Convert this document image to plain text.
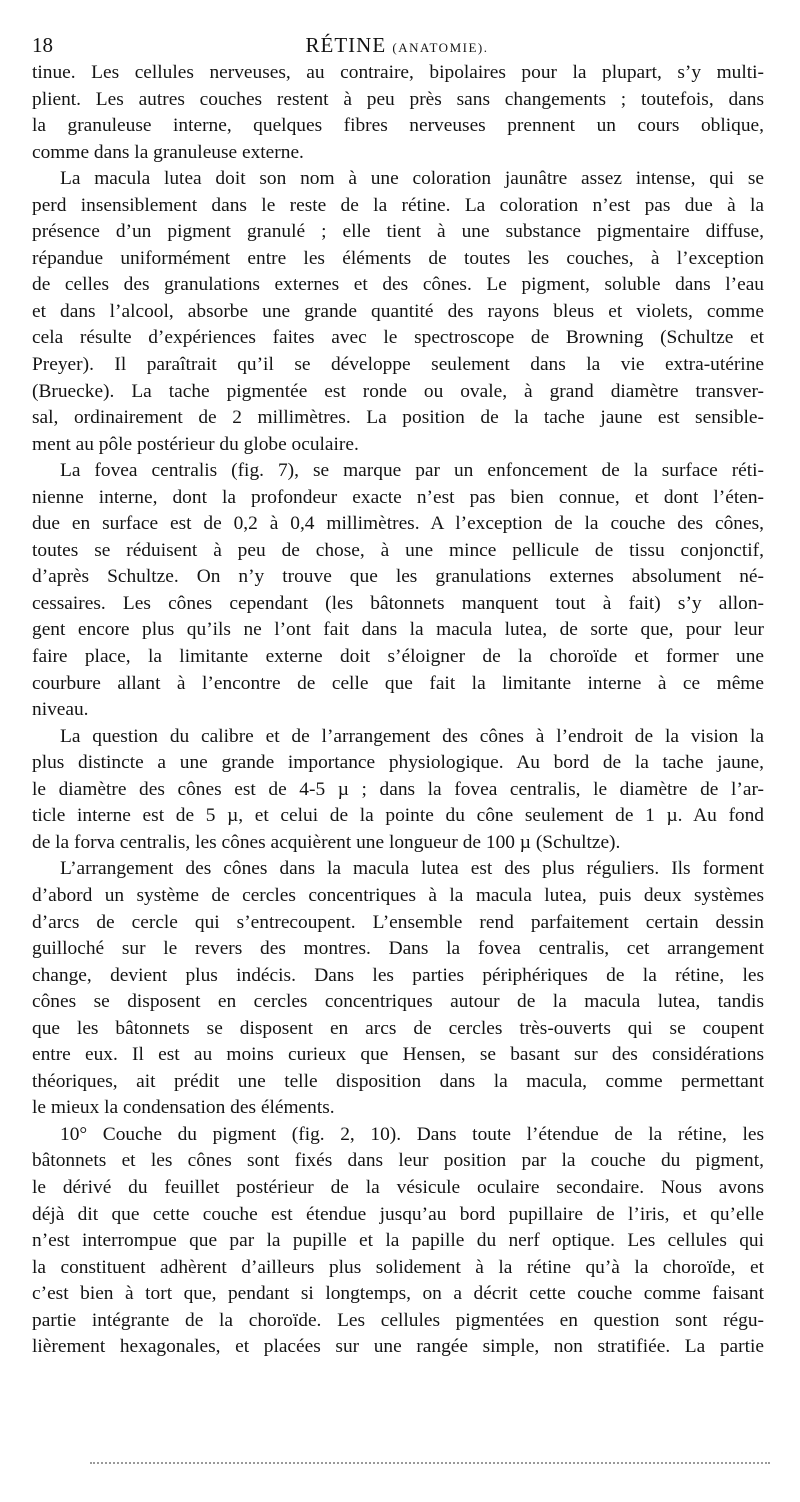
18	RÉTINE (ANATOMIE).
tinue. Les cellules nerveuses, au contraire, bipolaires pour la plupart, s’y multi-
plient. Les autres couches restent à peu près sans changements ; toutefois, dans
la granuleuse interne, quelques fibres nerveuses prennent un cours oblique,
comme dans la granuleuse externe.
La macula lutea doit son nom à une coloration jaunâtre assez intense, qui se
perd insensiblement dans le reste de la rétine. La coloration n’est pas due à la
présence d’un pigment granulé ; elle tient à une substance pigmentaire diffuse,
répandue uniformément entre les éléments de toutes les couches, à l’exception
de celles des granulations externes et des cônes. Le pigment, soluble dans l’eau
et dans l’alcool, absorbe une grande quantité des rayons bleus et violets, comme
cela résulte d’expériences faites avec le spectroscope de Browning (Schultze et
Preyer). Il paraîtrait qu’il se développe seulement dans la vie extra-utérine
(Bruecke). La tache pigmentée est ronde ou ovale, à grand diamètre transver-
sal, ordinairement de 2 millimètres. La position de la tache jaune est sensible-
ment au pôle postérieur du globe oculaire.
La fovea centralis (fig. 7), se marque par un enfoncement de la surface réti-
nienne interne, dont la profondeur exacte n’est pas bien connue, et dont l’éten-
due en surface est de 0,2 à 0,4 millimètres. A l’exception de la couche des cônes,
toutes se réduisent à peu de chose, à une mince pellicule de tissu conjonctif,
d’après Schultze. On n’y trouve que les granulations externes absolument né-
cessaires. Les cônes cependant (les bâtonnets manquent tout à fait) s’y allon-
gent encore plus qu’ils ne l’ont fait dans la macula lutea, de sorte que, pour leur
faire place, la limitante externe doit s’éloigner de la choroïde et former une
courbure allant à l’encontre de celle que fait la limitante interne à ce même
niveau.
La question du calibre et de l’arrangement des cônes à l’endroit de la vision la
plus distincte a une grande importance physiologique. Au bord de la tache jaune,
le diamètre des cônes est de 4-5 µ ; dans la fovea centralis, le diamètre de l’ar-
ticle interne est de 5 µ, et celui de la pointe du cône seulement de 1 µ. Au fond
de la forva centralis, les cônes acquièrent une longueur de 100 µ (Schultze).
L’arrangement des cônes dans la macula lutea est des plus réguliers. Ils forment
d’abord un système de cercles concentriques à la macula lutea, puis deux systèmes
d’arcs de cercle qui s’entrecoupent. L’ensemble rend parfaitement certain dessin
guilloché sur le revers des montres. Dans la fovea centralis, cet arrangement
change, devient plus indécis. Dans les parties périphériques de la rétine, les
cônes se disposent en cercles concentriques autour de la macula lutea, tandis
que les bâtonnets se disposent en arcs de cercles très-ouverts qui se coupent
entre eux. Il est au moins curieux que Hensen, se basant sur des considérations
théoriques, ait prédit une telle disposition dans la macula, comme permettant
le mieux la condensation des éléments.
10° Couche du pigment (fig. 2, 10). Dans toute l’étendue de la rétine, les
bâtonnets et les cônes sont fixés dans leur position par la couche du pigment,
le dérivé du feuillet postérieur de la vésicule oculaire secondaire. Nous avons
déjà dit que cette couche est étendue jusqu’au bord pupillaire de l’iris, et qu’elle
n’est interrompue que par la pupille et la papille du nerf optique. Les cellules qui
la constituent adhèrent d’ailleurs plus solidement à la rétine qu’à la choroïde, et
c’est bien à tort que, pendant si longtemps, on a décrit cette couche comme faisant
partie intégrante de la choroïde. Les cellules pigmentées en question sont régu-
lièrement hexagonales, et placées sur une rangée simple, non stratifiée. La partie
